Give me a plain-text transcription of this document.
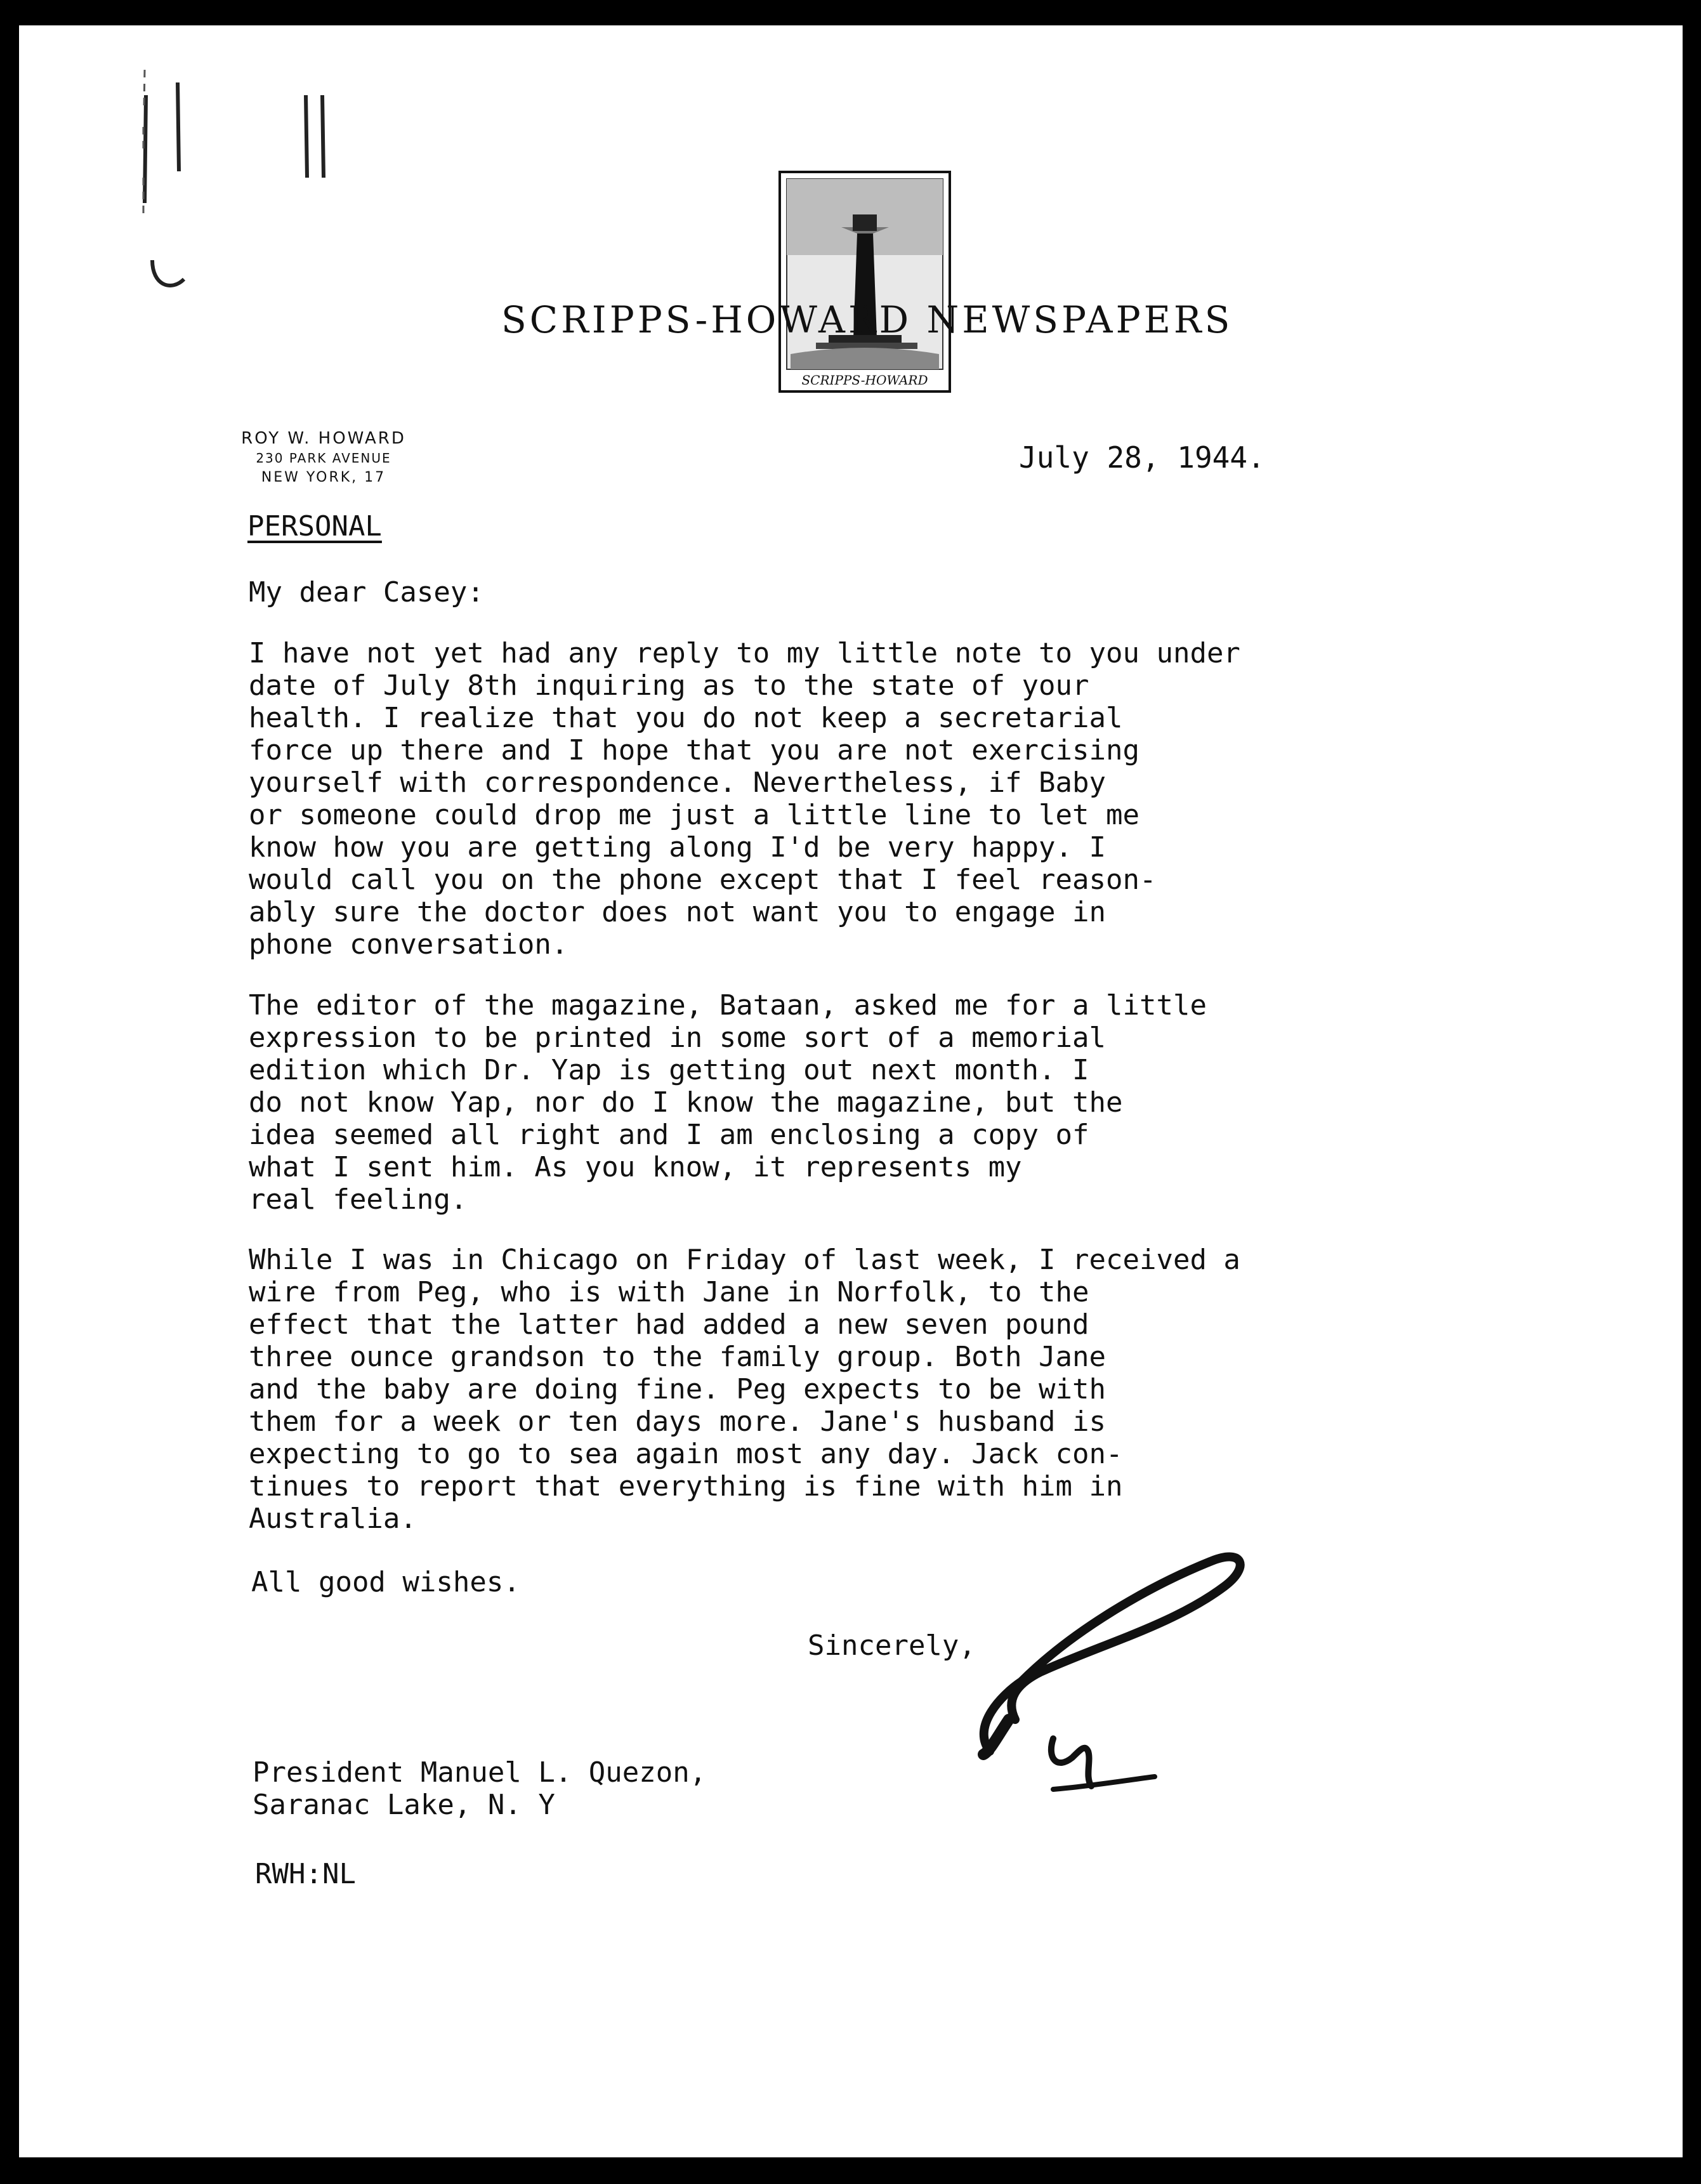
SCRIPPS-HOWARD
SCRIPPS-HOWARD NEWSPAPERS
ROY W. HOWARD
230 PARK AVENUE
NEW YORK, 17
July 28, 1944.
PERSONAL
My dear Casey:
I have not yet had any reply to my little note to you under
date of July 8th inquiring as to the state of your
health. I realize that you do not keep a secretarial
force up there and I hope that you are not exercising
yourself with correspondence. Nevertheless, if Baby
or someone could drop me just a little line to let me
know how you are getting along I'd be very happy. I
would call you on the phone except that I feel reason-
ably sure the doctor does not want you to engage in
phone conversation.
The editor of the magazine, Bataan, asked me for a little
expression to be printed in some sort of a memorial
edition which Dr. Yap is getting out next month. I
do not know Yap, nor do I know the magazine, but the
idea seemed all right and I am enclosing a copy of
what I sent him. As you know, it represents my
real feeling.
While I was in Chicago on Friday of last week, I received a
wire from Peg, who is with Jane in Norfolk, to the
effect that the latter had added a new seven pound
three ounce grandson to the family group. Both Jane
and the baby are doing fine. Peg expects to be with
them for a week or ten days more. Jane's husband is
expecting to go to sea again most any day. Jack con-
tinues to report that everything is fine with him in
Australia.
All good wishes.
Sincerely,
President Manuel L. Quezon,
Saranac Lake, N. Y
RWH:NL
